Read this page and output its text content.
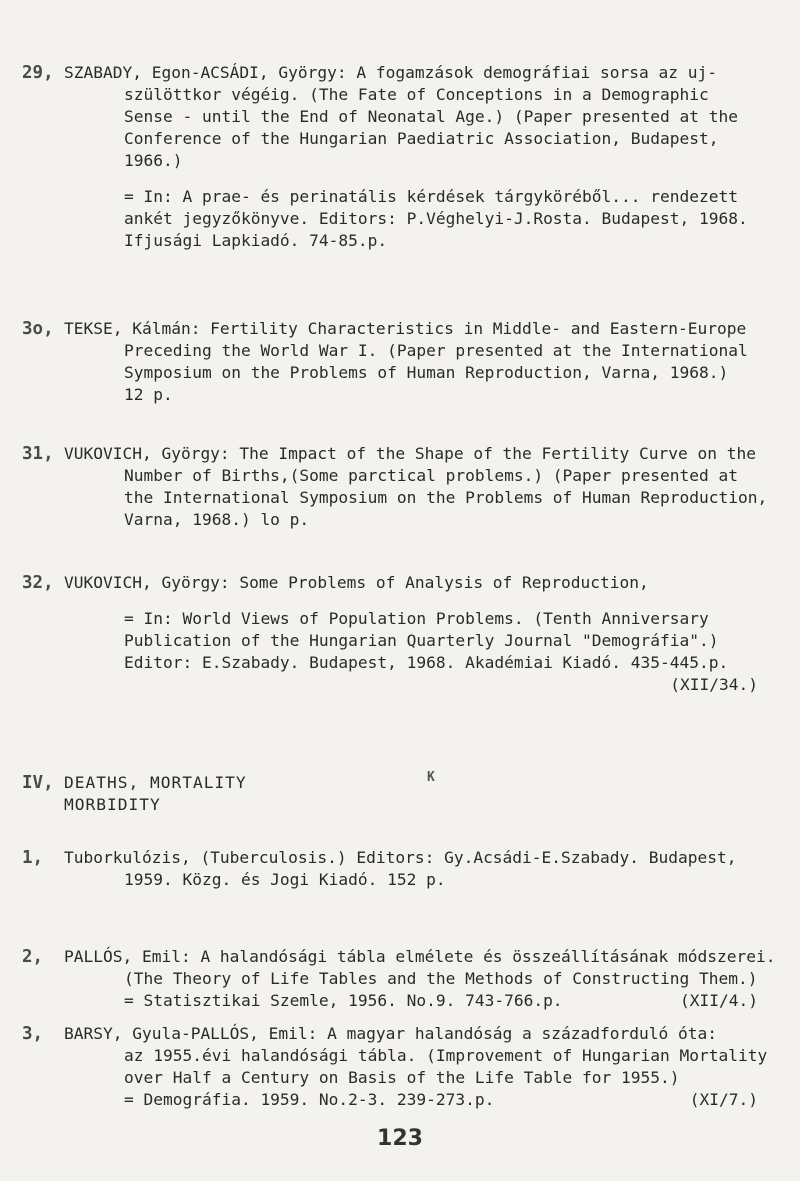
29, SZABADY, Egon-ACSÁDI, György: A fogamzások demográfiai sorsa az uj-
szülöttkor végéig. (The Fate of Conceptions in a Demographic
Sense - until the End of Neonatal Age.) (Paper presented at the
Conference of the Hungarian Paediatric Association, Budapest,
1966.)
= In: A prae- és perinatális kérdések tárgyköréből... rendezett
ankét jegyzőkönyve. Editors: P.Véghelyi-J.Rosta. Budapest, 1968.
Ifjusági Lapkiadó. 74-85.p.
3o, TEKSE, Kálmán: Fertility Characteristics in Middle- and Eastern-Europe
Preceding the World War I. (Paper presented at the International
Symposium on the Problems of Human Reproduction, Varna, 1968.)
12 p.
31, VUKOVICH, György: The Impact of the Shape of the Fertility Curve on the
Number of Births,(Some parctical problems.) (Paper presented at
the International Symposium on the Problems of Human Reproduction,
Varna, 1968.) lo p.
32, VUKOVICH, György: Some Problems of Analysis of Reproduction,
= In: World Views of Population Problems. (Tenth Anniversary
Publication of the Hungarian Quarterly Journal "Demográfia".)
Editor: E.Szabady. Budapest, 1968. Akadémiai Kiadó. 435-445.p.
(XII/34.)
IV, DEATHS, MORTALITY
MORBIDITY
1,	Tuborkulózis, (Tuberculosis.) Editors: Gy.Acsádi-E.Szabady. Budapest,
1959. Közg. és Jogi Kiadó. 152 p.
K
2,	PALLÓS, Emil: A halandósági tábla elmélete és összeállításának módszerei.
(The Theory of Life Tables and the Methods of Constructing Them.)
(XII/4.)
= Statisztikai Szemle, 1956. No.9. 743-766.p.
3,	BARSY, Gyula-PALLÓS, Emil: A magyar halandóság a századforduló óta:
az 1955.évi halandósági tábla. (Improvement of Hungarian Mortality
over Half a Century on Basis of the Life Table for 1955.)
(XI/7.)
= Demográfia. 1959. No.2-3. 239-273.p.
123
